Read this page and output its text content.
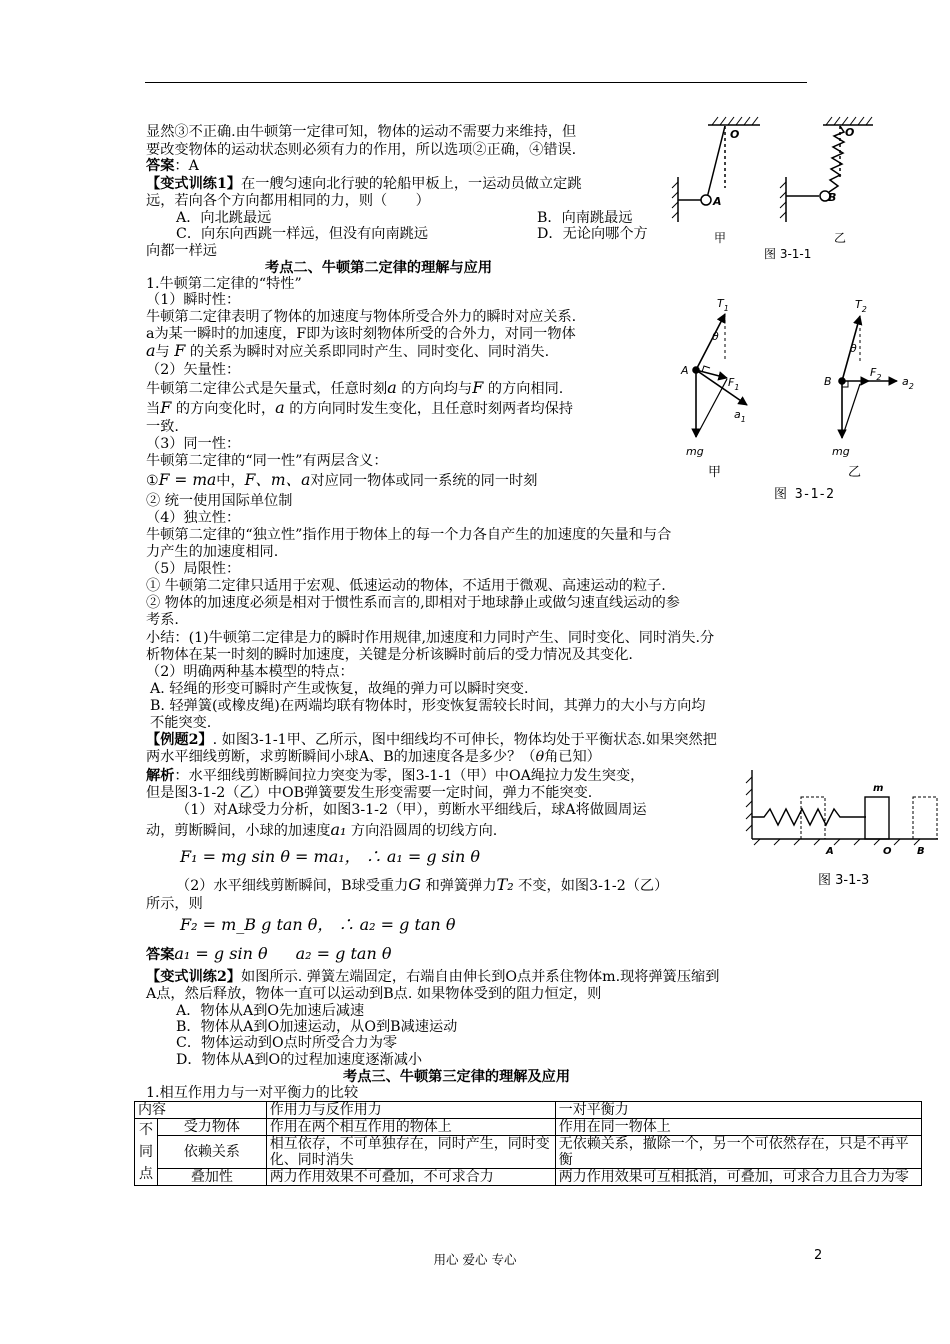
显然③不正确.由牛顿第一定律可知，物体的运动不需要力来维持，但
要改变物体的运动状态则必须有力的作用，所以选项②正确，④错误.
答案：A
【变式训练1】在一艘匀速向北行驶的轮船甲板上，一运动员做立定跳
远，若向各个方向都用相同的力，则（　　）
A．向北跳最远	B．向南跳最远
C．向东向西跳一样远，但没有向南跳远	D．无论向哪个方
向都一样远
考点二、牛顿第二定律的理解与应用
1.牛顿第二定律的“特性”
（1）瞬时性：
牛顿第二定律表明了物体的加速度与物体所受合外力的瞬时对应关系.
a为某一瞬时的加速度，F即为该时刻物体所受的合外力，对同一物体
a与 F 的关系为瞬时对应关系即同时产生、同时变化、同时消失.
（2）矢量性：
牛顿第二定律公式是矢量式，任意时刻a 的方向均与F 的方向相同.
当F 的方向变化时，a 的方向同时发生变化，且任意时刻两者均保持
一致.
（3）同一性：
牛顿第二定律的“同一性”有两层含义：
①F = ma中，F、m、a对应同一物体或同一系统的同一时刻
② 统一使用国际单位制
（4）独立性：
牛顿第二定律的“独立性”指作用于物体上的每一个力各自产生的加速度的矢量和与合
力产生的加速度相同.
（5）局限性：
① 牛顿第二定律只适用于宏观、低速运动的物体，不适用于微观、高速运动的粒子.
② 物体的加速度必须是相对于惯性系而言的,即相对于地球静止或做匀速直线运动的参
考系.
小结：(1)牛顿第二定律是力的瞬时作用规律,加速度和力同时产生、同时变化、同时消失.分
析物体在某一时刻的瞬时加速度，关键是分析该瞬时前后的受力情况及其变化.
（2）明确两种基本模型的特点：
A. 轻绳的形变可瞬时产生或恢复，故绳的弹力可以瞬时突变.
B. 轻弹簧(或橡皮绳)在两端均联有物体时，形变恢复需较长时间，其弹力的大小与方向均
不能突变.
【例题2】. 如图3-1-1甲、乙所示，图中细线均不可伸长，物体均处于平衡状态.如果突然把
两水平细线剪断，求剪断瞬间小球A、B的加速度各是多少？（θ角已知）
解析：水平细线剪断瞬间拉力突变为零，图3-1-1（甲）中OA绳拉力发生突变，
但是图3-1-2（乙）中OB弹簧要发生形变需要一定时间，弹力不能突变.
（1）对A球受力分析，如图3-1-2（甲），剪断水平细线后，球A将做圆周运
动，剪断瞬间，小球的加速度a₁ 方向沿圆周的切线方向.
F₁ = mg sin θ = ma₁， ∴ a₁ = g sin θ
（2）水平细线剪断瞬间，B球受重力G 和弹簧弹力T₂ 不变，如图3-1-2（乙）
所示，则
F₂ = m_B g tan θ， ∴ a₂ = g tan θ
答案a₁ = g sin θ a₂ = g tan θ
【变式训练2】如图所示. 弹簧左端固定，右端自由伸长到O点并系住物体m.现将弹簧压缩到
A点，然后释放，物体一直可以运动到B点. 如果物体受到的阻力恒定，则
A．物体从A到O先加速后减速
B．物体从A到O加速运动，从O到B减速运动
C．物体运动到O点时所受合力为零
D．物体从A到O的过程加速度逐渐减小
考点三、牛顿第三定律的理解及应用
1.相互作用力与一对平衡力的比较
内容		作用力与反作用力	一对平衡力

不同点	受力物体	作用在两个相互作用的物体上	作用在同一物体上
	依赖关系	相互依存，不可单独存在，同时产生，同时变化、同时消失	无依赖关系，撤除一个，另一个可依然存在，只是不再平衡
	叠加性	两力作用效果不可叠加，不可求合力	两力作用效果可互相抵消，可叠加，可求合力且合力为零
O
A
O
B
甲	乙
图 3-1-1
$T_1$
θ
A
$F_1$
$a_1$
mg
$T_2$
θ
B
$F_2$ $a_2$
mg
甲	乙
图 3-1-2
m
A	O	B
图 3-1-3
用心 爱心 专心	2
